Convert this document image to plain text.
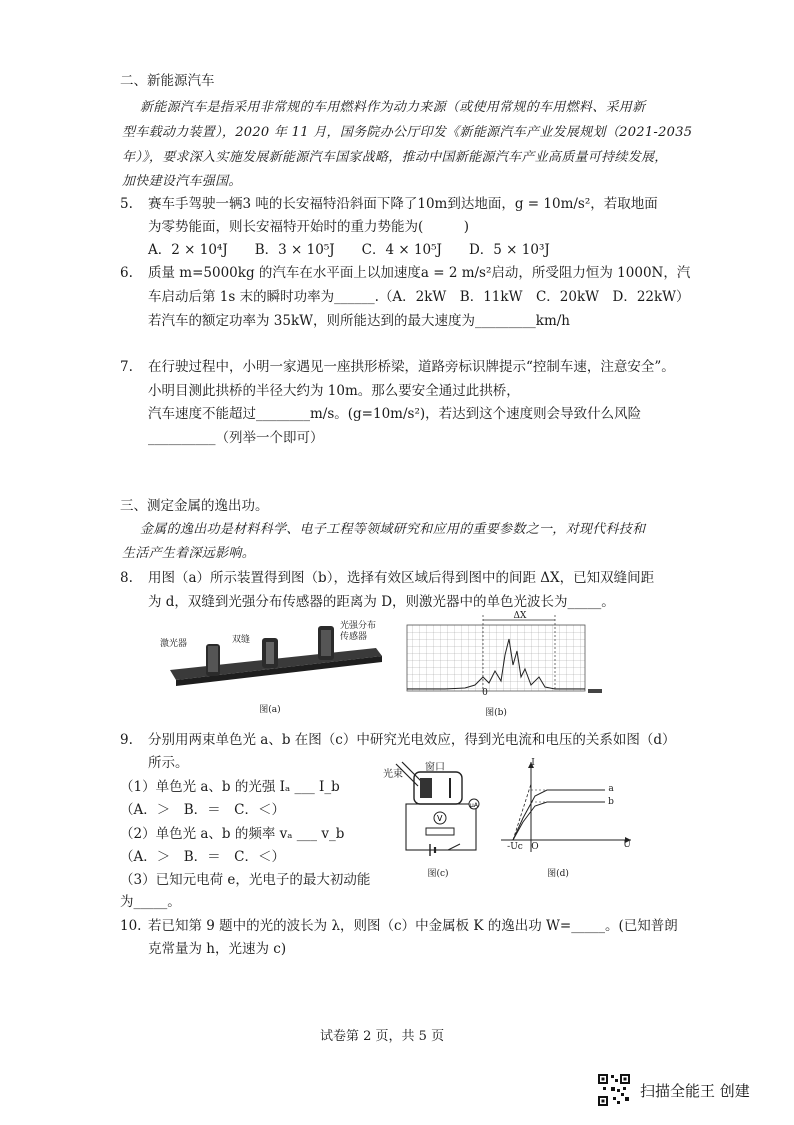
二、新能源汽车
新能源汽车是指采用非常规的车用燃料作为动力来源（或使用常规的车用燃料、采用新
型车载动力装置），2020 年 11 月，国务院办公厅印发《新能源汽车产业发展规划（2021-2035
年）》，要求深入实施发展新能源汽车国家战略，推动中国新能源汽车产业高质量可持续发展，
加快建设汽车强国。
5. 赛车手驾驶一辆3 吨的长安福特沿斜面下降了10m到达地面，g = 10m/s²，若取地面
为零势能面，则长安福特开始时的重力势能为(　　　)
A．2 × 10⁴J　　B．3 × 10⁵J　　C．4 × 10⁵J　　D．5 × 10³J
6. 质量 m=5000kg 的汽车在水平面上以加速度a = 2 m/s²启动，所受阻力恒为 1000N，汽
车启动后第 1s 末的瞬时功率为______.（A．2kW　B．11kW　C．20kW　D．22kW）
若汽车的额定功率为 35kW，则所能达到的最大速度为_________km/h
7. 在行驶过程中，小明一家遇见一座拱形桥梁，道路旁标识牌提示“控制车速，注意安全”。
小明目测此拱桥的半径大约为 10m。那么要安全通过此拱桥，
汽车速度不能超过________m/s。(g=10m/s²)，若达到这个速度则会导致什么风险
__________（列举一个即可）
三、测定金属的逸出功。
金属的逸出功是材料科学、电子工程等领域研究和应用的重要参数之一，对现代科技和
生活产生着深远影响。
8. 用图（a）所示装置得到图（b），选择有效区域后得到图中的间距 ΔX，已知双缝间距
为 d，双缝到光强分布传感器的距离为 D，则激光器中的单色光波长为_____。
激光器	双缝
光强分布
传感器
图(a)
ΔX
0
图(b)
9. 分别用两束单色光 a、b 在图（c）中研究光电效应，得到光电流和电压的关系如图（d）
所示。
（1）单色光 a、b 的光强 Iₐ ___ I_b
（A．＞　B．＝　C．＜）
（2）单色光 a、b 的频率 vₐ ___ v_b
（A．＞　B．＝　C．＜）
（3）已知元电荷 e，光电子的最大初动能
为_____。
V
μA
光束
窗口
图(c)
I
U
O
-Uc
a
b
图(d)
10. 若已知第 9 题中的光的波长为 λ，则图（c）中金属板 K 的逸出功 W=_____。(已知普朗
克常量为 h，光速为 c)
试卷第 2 页，共 5 页
扫描全能王 创建
